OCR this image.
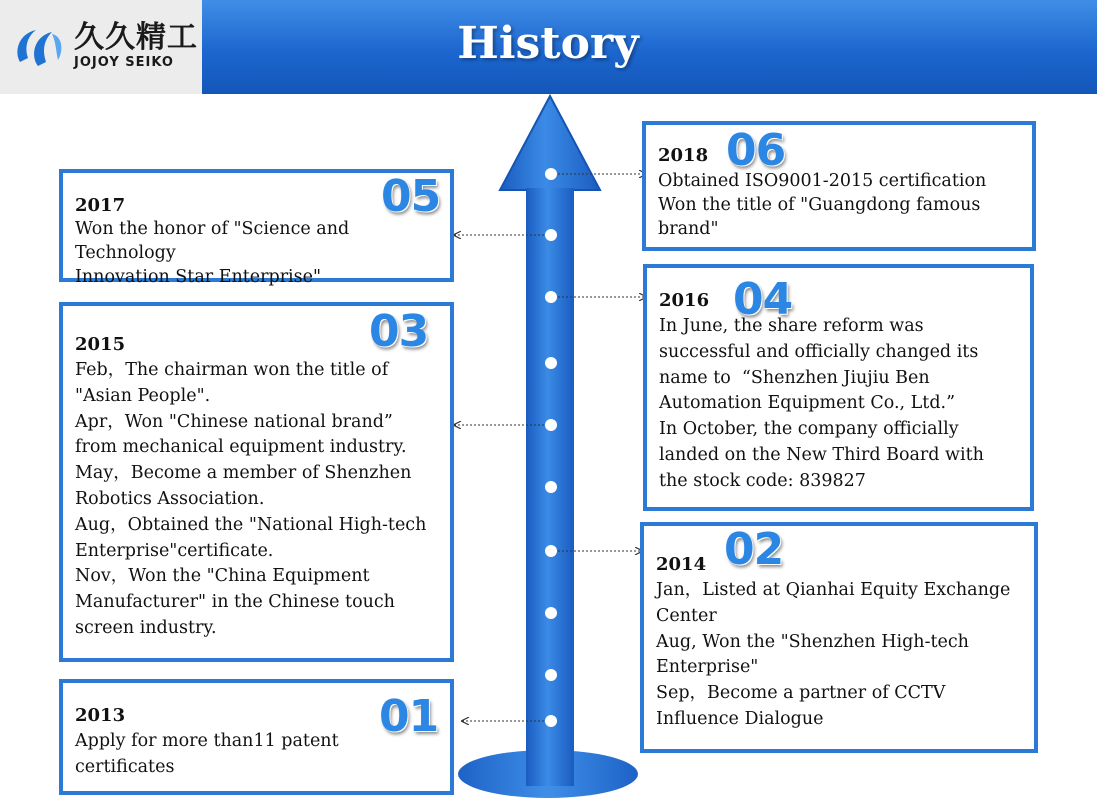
久久精工
JOJOY SEIKO	History
2017
Won the honor of "Science and Technology
Innovation Star Enterprise"
05
2015
Feb，The chairman won the title of
"Asian People".
Apr，Won "Chinese national brand”
from mechanical equipment industry.
May，Become a member of Shenzhen
Robotics Association.
Aug，Obtained the "National High-tech
Enterprise"certificate.
Nov，Won the "China Equipment
Manufacturer" in the Chinese touch
screen industry.
03
2013
Apply for more than11 patent
certificates
01
2018
Obtained ISO9001-2015 certification
Won the title of "Guangdong famous
brand"
06
2016
In June, the share reform was
successful and officially changed its
name to  “Shenzhen Jiujiu Ben
Automation Equipment Co., Ltd.”
In October, the company officially
landed on the New Third Board with
the stock code: 839827
04
2014
Jan，Listed at Qianhai Equity Exchange
Center
Aug, Won the "Shenzhen High-tech
Enterprise"
Sep，Become a partner of CCTV
Influence Dialogue
02
